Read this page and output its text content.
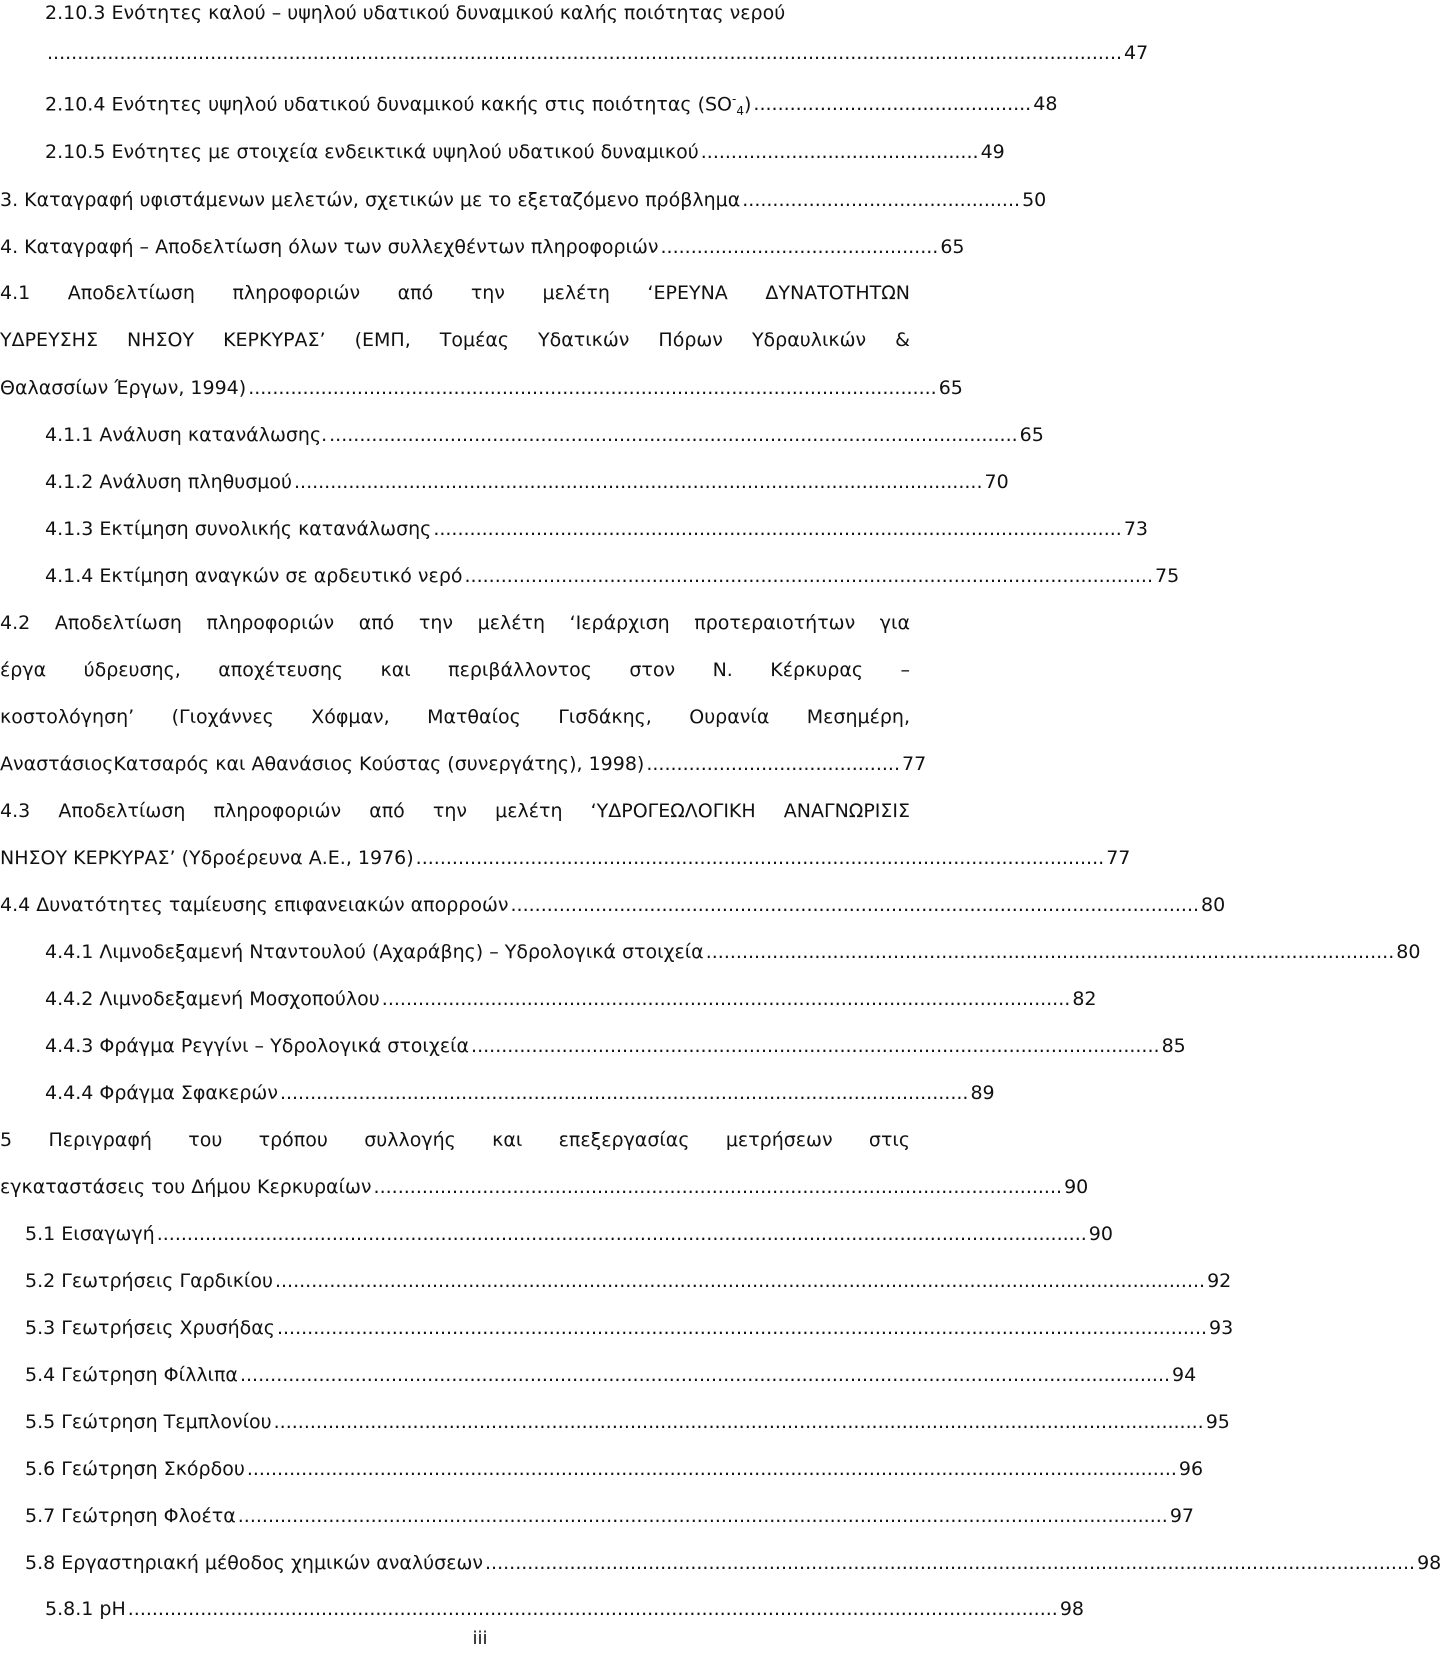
2.10.3 Ενότητες καλού – υψηλού υδατικού δυναμικού καλής ποιότητας νερού
.................................................................................................................................................................................. 47
2.10.4 Ενότητες υψηλού υδατικού δυναμικού κακής στις ποιότητας $(SO^-_4)$ .............................................. 48
2.10.5 Ενότητες με στοιχεία ενδεικτικά υψηλού υδατικού δυναμικού .............................................. 49
3. Καταγραφή υφιστάμενων μελετών, σχετικών με το εξεταζόμενο πρόβλημα .............................................. 50
4. Καταγραφή – Αποδελτίωση όλων των συλλεχθέντων πληροφοριών .............................................. 65
4.1 Αποδελτίωση πληροφοριών από την μελέτη ‘ΕΡΕΥΝΑ ΔΥΝΑΤΟΤΗΤΩΝ
ΥΔΡΕΥΣΗΣ ΝΗΣΟΥ ΚΕΡΚΥΡΑΣ’ (ΕΜΠ, Τομέας Υδατικών Πόρων Υδραυλικών &
Θαλασσίων Έργων, 1994) .................................................................................................................. 65
4.1.1 Ανάλυση κατανάλωσης. .................................................................................................................. 65
4.1.2 Ανάλυση πληθυσμού .................................................................................................................. 70
4.1.3 Εκτίμηση συνολικής κατανάλωσης .................................................................................................................. 73
4.1.4 Εκτίμηση αναγκών σε αρδευτικό νερό .................................................................................................................. 75
4.2 Αποδελτίωση πληροφοριών από την μελέτη ‘Ιεράρχιση προτεραιοτήτων για
έργα ύδρευσης, αποχέτευσης και περιβάλλοντος στον Ν. Κέρκυρας –
κοστολόγηση’ (Γιοχάννες Χόφμαν, Ματθαίος Γισδάκης, Ουρανία Μεσημέρη,
ΑναστάσιοςΚατσαρός και Αθανάσιος Κούστας (συνεργάτης), 1998) .......................................... 77
4.3 Αποδελτίωση πληροφοριών από την μελέτη ‘ΥΔΡΟΓΕΩΛΟΓΙΚΗ ΑΝΑΓΝΩΡΙΣΙΣ
ΝΗΣΟΥ ΚΕΡΚΥΡΑΣ’ (Υδροέρευνα Α.Ε., 1976) .................................................................................................................. 77
4.4 Δυνατότητες ταμίευσης επιφανειακών απορροών .................................................................................................................. 80
4.4.1 Λιμνοδεξαμενή Νταντουλού (Αχαράβης) – Υδρολογικά στοιχεία .................................................................................................................. 80
4.4.2 Λιμνοδεξαμενή Μοσχοπούλου .................................................................................................................. 82
4.4.3 Φράγμα Ρεγγίνι – Υδρολογικά στοιχεία .................................................................................................................. 85
4.4.4 Φράγμα Σφακερών .................................................................................................................. 89
5 Περιγραφή του τρόπου συλλογής και επεξεργασίας μετρήσεων στις
εγκαταστάσεις του Δήμου Κερκυραίων .................................................................................................................. 90
5.1 Εισαγωγή .......................................................................................................................................................... 90
5.2 Γεωτρήσεις Γαρδικίου .......................................................................................................................................................... 92
5.3 Γεωτρήσεις Χρυσήδας .......................................................................................................................................................... 93
5.4 Γεώτρηση Φίλλιπα .......................................................................................................................................................... 94
5.5 Γεώτρηση Τεμπλονίου .......................................................................................................................................................... 95
5.6 Γεώτρηση Σκόρδου .......................................................................................................................................................... 96
5.7 Γεώτρηση Φλοέτα .......................................................................................................................................................... 97
5.8 Εργαστηριακή μέθοδος χημικών αναλύσεων .......................................................................................................................................................... 98
5.8.1 pH .......................................................................................................................................................... 98
iii
